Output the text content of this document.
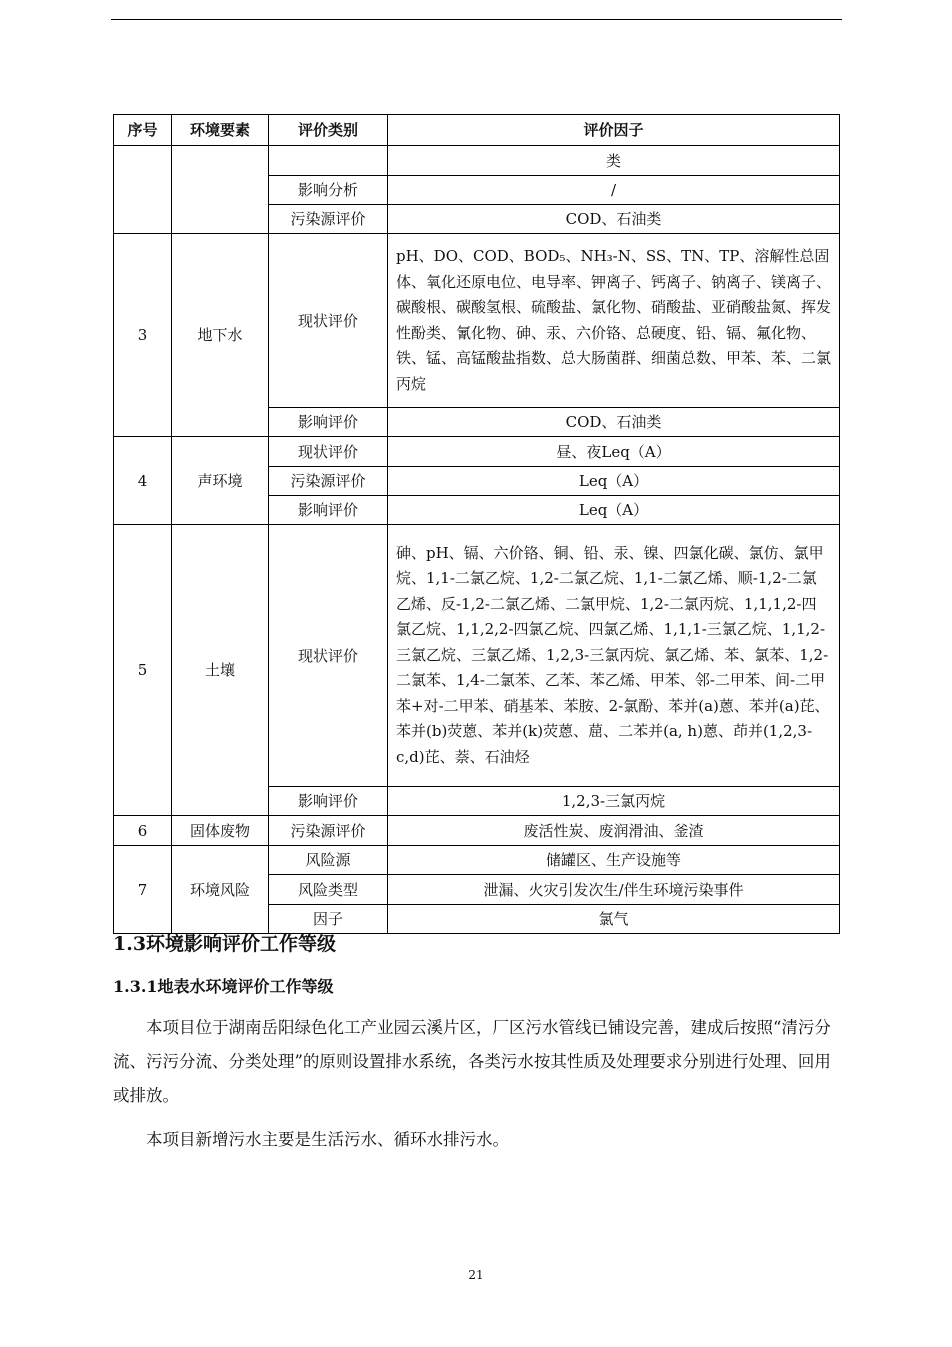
序号	环境要素	评价类别	评价因子
			类
		影响分析	/
		污染源评价	COD、石油类
3	地下水	现状评价	pH、DO、COD、BOD₅、NH₃-N、SS、TN、TP、溶解性总固体、氧化还原电位、电导率、钾离子、钙离子、钠离子、镁离子、碳酸根、碳酸氢根、硫酸盐、氯化物、硝酸盐、亚硝酸盐氮、挥发性酚类、氰化物、砷、汞、六价铬、总硬度、铅、镉、氟化物、铁、锰、高锰酸盐指数、总大肠菌群、细菌总数、甲苯、苯、二氯丙烷
		影响评价	COD、石油类
4	声环境	现状评价	昼、夜Leq（A）
		污染源评价	Leq（A）
		影响评价	Leq（A）
5	土壤	现状评价	砷、pH、镉、六价铬、铜、铅、汞、镍、四氯化碳、氯仿、氯甲烷、1,1-二氯乙烷、1,2-二氯乙烷、1,1-二氯乙烯、顺-1,2-二氯乙烯、反-1,2-二氯乙烯、二氯甲烷、1,2-二氯丙烷、1,1,1,2-四氯乙烷、1,1,2,2-四氯乙烷、四氯乙烯、1,1,1-三氯乙烷、1,1,2-三氯乙烷、三氯乙烯、1,2,3-三氯丙烷、氯乙烯、苯、氯苯、1,2-二氯苯、1,4-二氯苯、乙苯、苯乙烯、甲苯、邻-二甲苯、间-二甲苯+对-二甲苯、硝基苯、苯胺、2-氯酚、苯并(a)蒽、苯并(a)芘、苯并(b)荧蒽、苯并(k)荧蒽、䓛、二苯并(a, h)蒽、茚并(1,2,3-c,d)芘、萘、石油烃
		影响评价	1,2,3-三氯丙烷
6	固体废物	污染源评价	废活性炭、废润滑油、釜渣
7	环境风险	风险源	储罐区、生产设施等
		风险类型	泄漏、火灾引发次生/伴生环境污染事件
		因子	氯气
1.3环境影响评价工作等级
1.3.1地表水环境评价工作等级

本项目位于湖南岳阳绿色化工产业园云溪片区，厂区污水管线已铺设完善，建成后按照“清污分流、污污分流、分类处理”的原则设置排水系统，各类污水按其性质及处理要求分别进行处理、回用或排放。

本项目新增污水主要是生活污水、循环水排污水。

21
